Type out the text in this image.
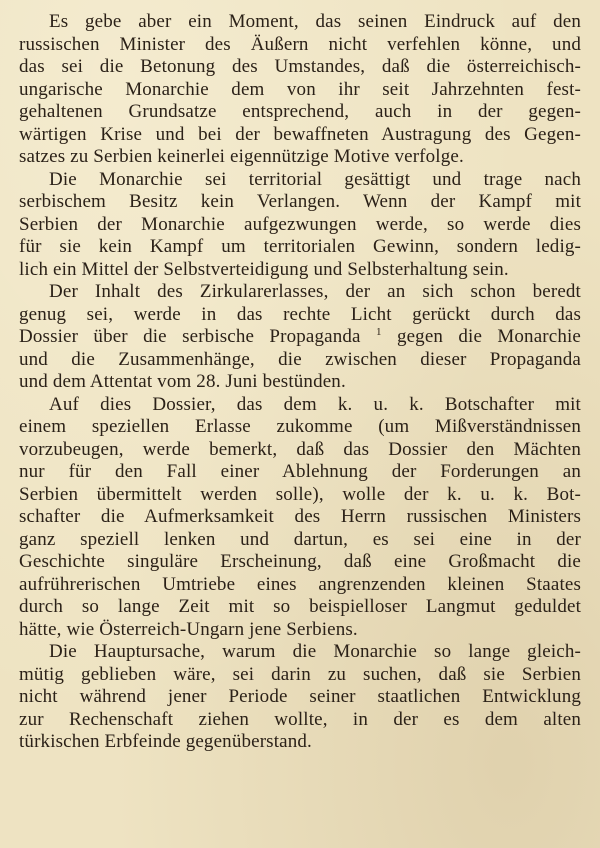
Es gebe aber ein Moment, das seinen Eindruck auf den
russischen Minister des Äußern nicht verfehlen könne, und
das sei die Betonung des Umstandes, daß die österreichisch-
ungarische Monarchie dem von ihr seit Jahrzehnten fest-
gehaltenen Grundsatze entsprechend, auch in der gegen-
wärtigen Krise und bei der bewaffneten Austragung des Gegen-
satzes zu Serbien keinerlei eigennützige Motive verfolge.
Die Monarchie sei territorial gesättigt und trage nach
serbischem Besitz kein Verlangen. Wenn der Kampf mit
Serbien der Monarchie aufgezwungen werde, so werde dies
für sie kein Kampf um territorialen Gewinn, sondern ledig-
lich ein Mittel der Selbstverteidigung und Selbsterhaltung sein.
Der Inhalt des Zirkularerlasses, der an sich schon beredt
genug sei, werde in das rechte Licht gerückt durch das
Dossier über die serbische Propaganda $^1$ gegen die Monarchie
und die Zusammenhänge, die zwischen dieser Propaganda
und dem Attentat vom 28. Juni bestünden.
Auf dies Dossier, das dem k. u. k. Botschafter mit
einem speziellen Erlasse zukomme (um Mißverständnissen
vorzubeugen, werde bemerkt, daß das Dossier den Mächten
nur für den Fall einer Ablehnung der Forderungen an
Serbien übermittelt werden solle), wolle der k. u. k. Bot-
schafter die Aufmerksamkeit des Herrn russischen Ministers
ganz speziell lenken und dartun, es sei eine in der
Geschichte singuläre Erscheinung, daß eine Großmacht die
aufrührerischen Umtriebe eines angrenzenden kleinen Staates
durch so lange Zeit mit so beispielloser Langmut geduldet
hätte, wie Österreich-Ungarn jene Serbiens.
Die Hauptursache, warum die Monarchie so lange gleich-
mütig geblieben wäre, sei darin zu suchen, daß sie Serbien
nicht während jener Periode seiner staatlichen Entwicklung
zur Rechenschaft ziehen wollte, in der es dem alten
türkischen Erbfeinde gegenüberstand.
